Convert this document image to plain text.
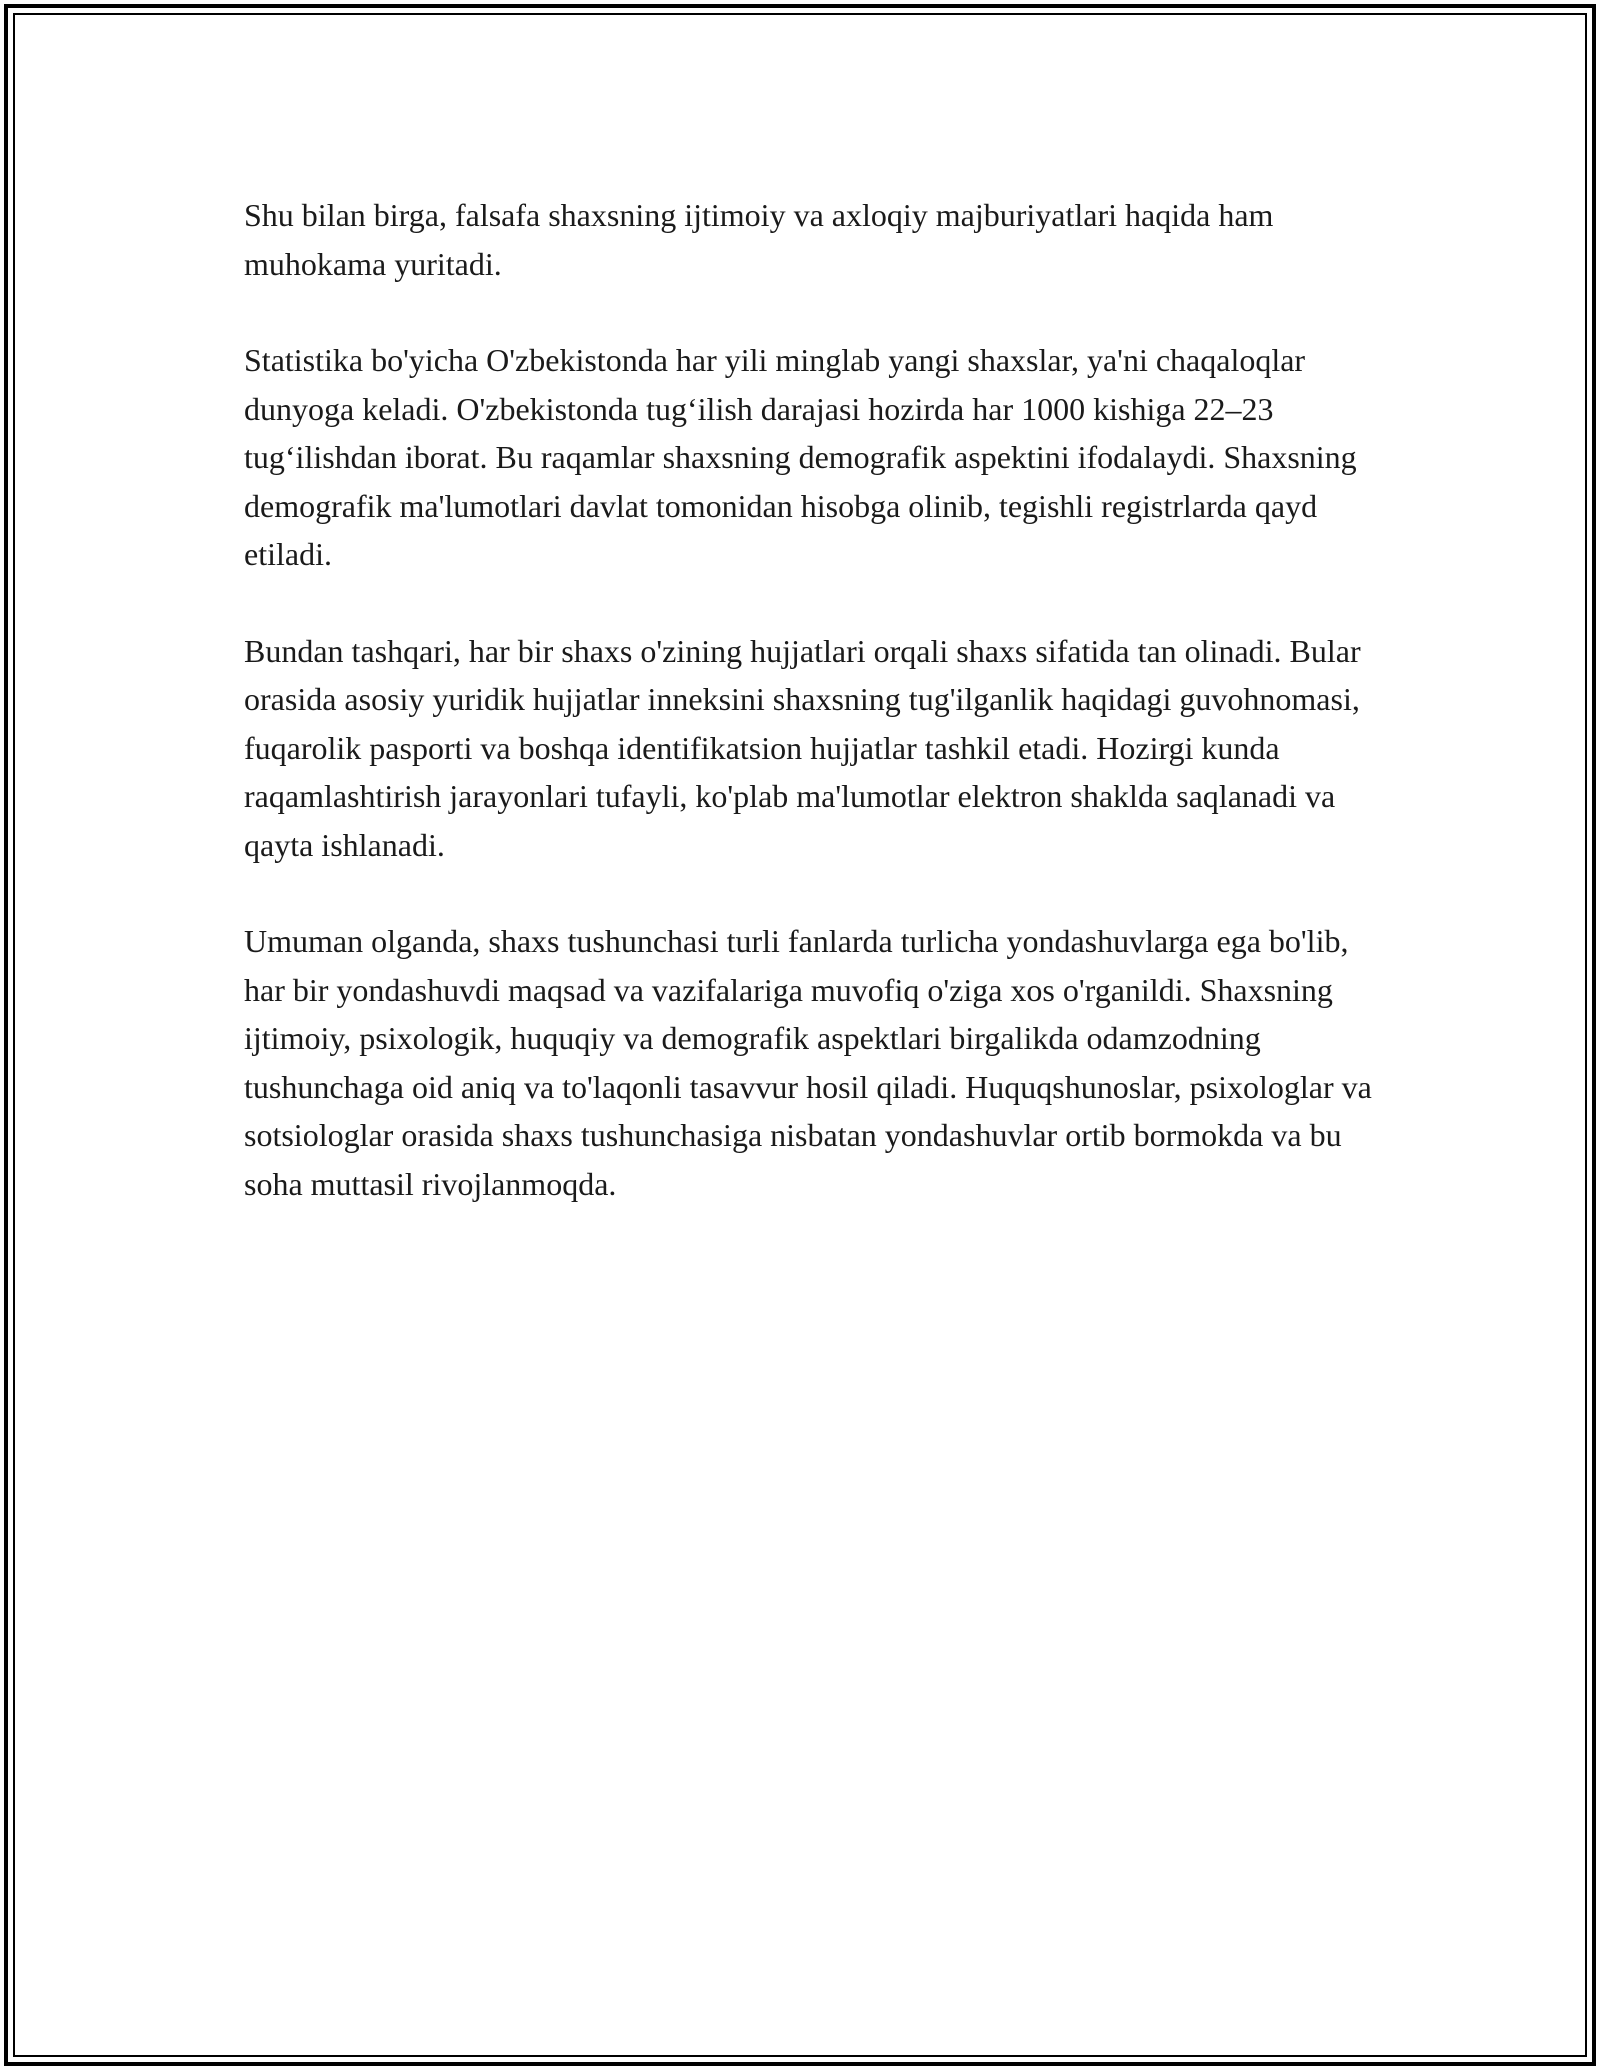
Shu bilan birga, falsafa shaxsning ijtimoiy va axloqiy majburiyatlari haqida ham muhokama yuritadi.

Statistika bo'yicha O'zbekistonda har yili minglab yangi shaxslar, ya'ni chaqaloqlar dunyoga keladi. O'zbekistonda tug‘ilish darajasi hozirda har 1000 kishiga 22–23 tug‘ilishdan iborat. Bu raqamlar shaxsning demografik aspektini ifodalaydi. Shaxsning demografik ma'lumotlari davlat tomonidan hisobga olinib, tegishli registrlarda qayd etiladi.

Bundan tashqari, har bir shaxs o'zining hujjatlari orqali shaxs sifatida tan olinadi. Bular orasida asosiy yuridik hujjatlar inneksini shaxsning tug'ilganlik haqidagi guvohnomasi, fuqarolik pasporti va boshqa identifikatsion hujjatlar tashkil etadi. Hozirgi kunda raqamlashtirish jarayonlari tufayli, ko'plab ma'lumotlar elektron shakldа saqlanadi va qayta ishlanadi.

Umuman olganda, shaxs tushunchasi turli fanlarda turlicha yondashuvlarga ega bo'lib, har bir yondashuvdi maqsad va vazifalariga muvofiq o'ziga xos o'rganildi. Shaxsning ijtimoiy, psixologik, huquqiy va demografik aspektlari birgalikda odamzodning tushunchaga oid aniq va to'laqonli tasavvur hosil qiladi. Huquqshunoslar, psixologlar va sotsiologlar orasida shaxs tushunchasiga nisbatan yondashuvlar ortib bormokda va bu soha muttasil rivojlanmoqda.
